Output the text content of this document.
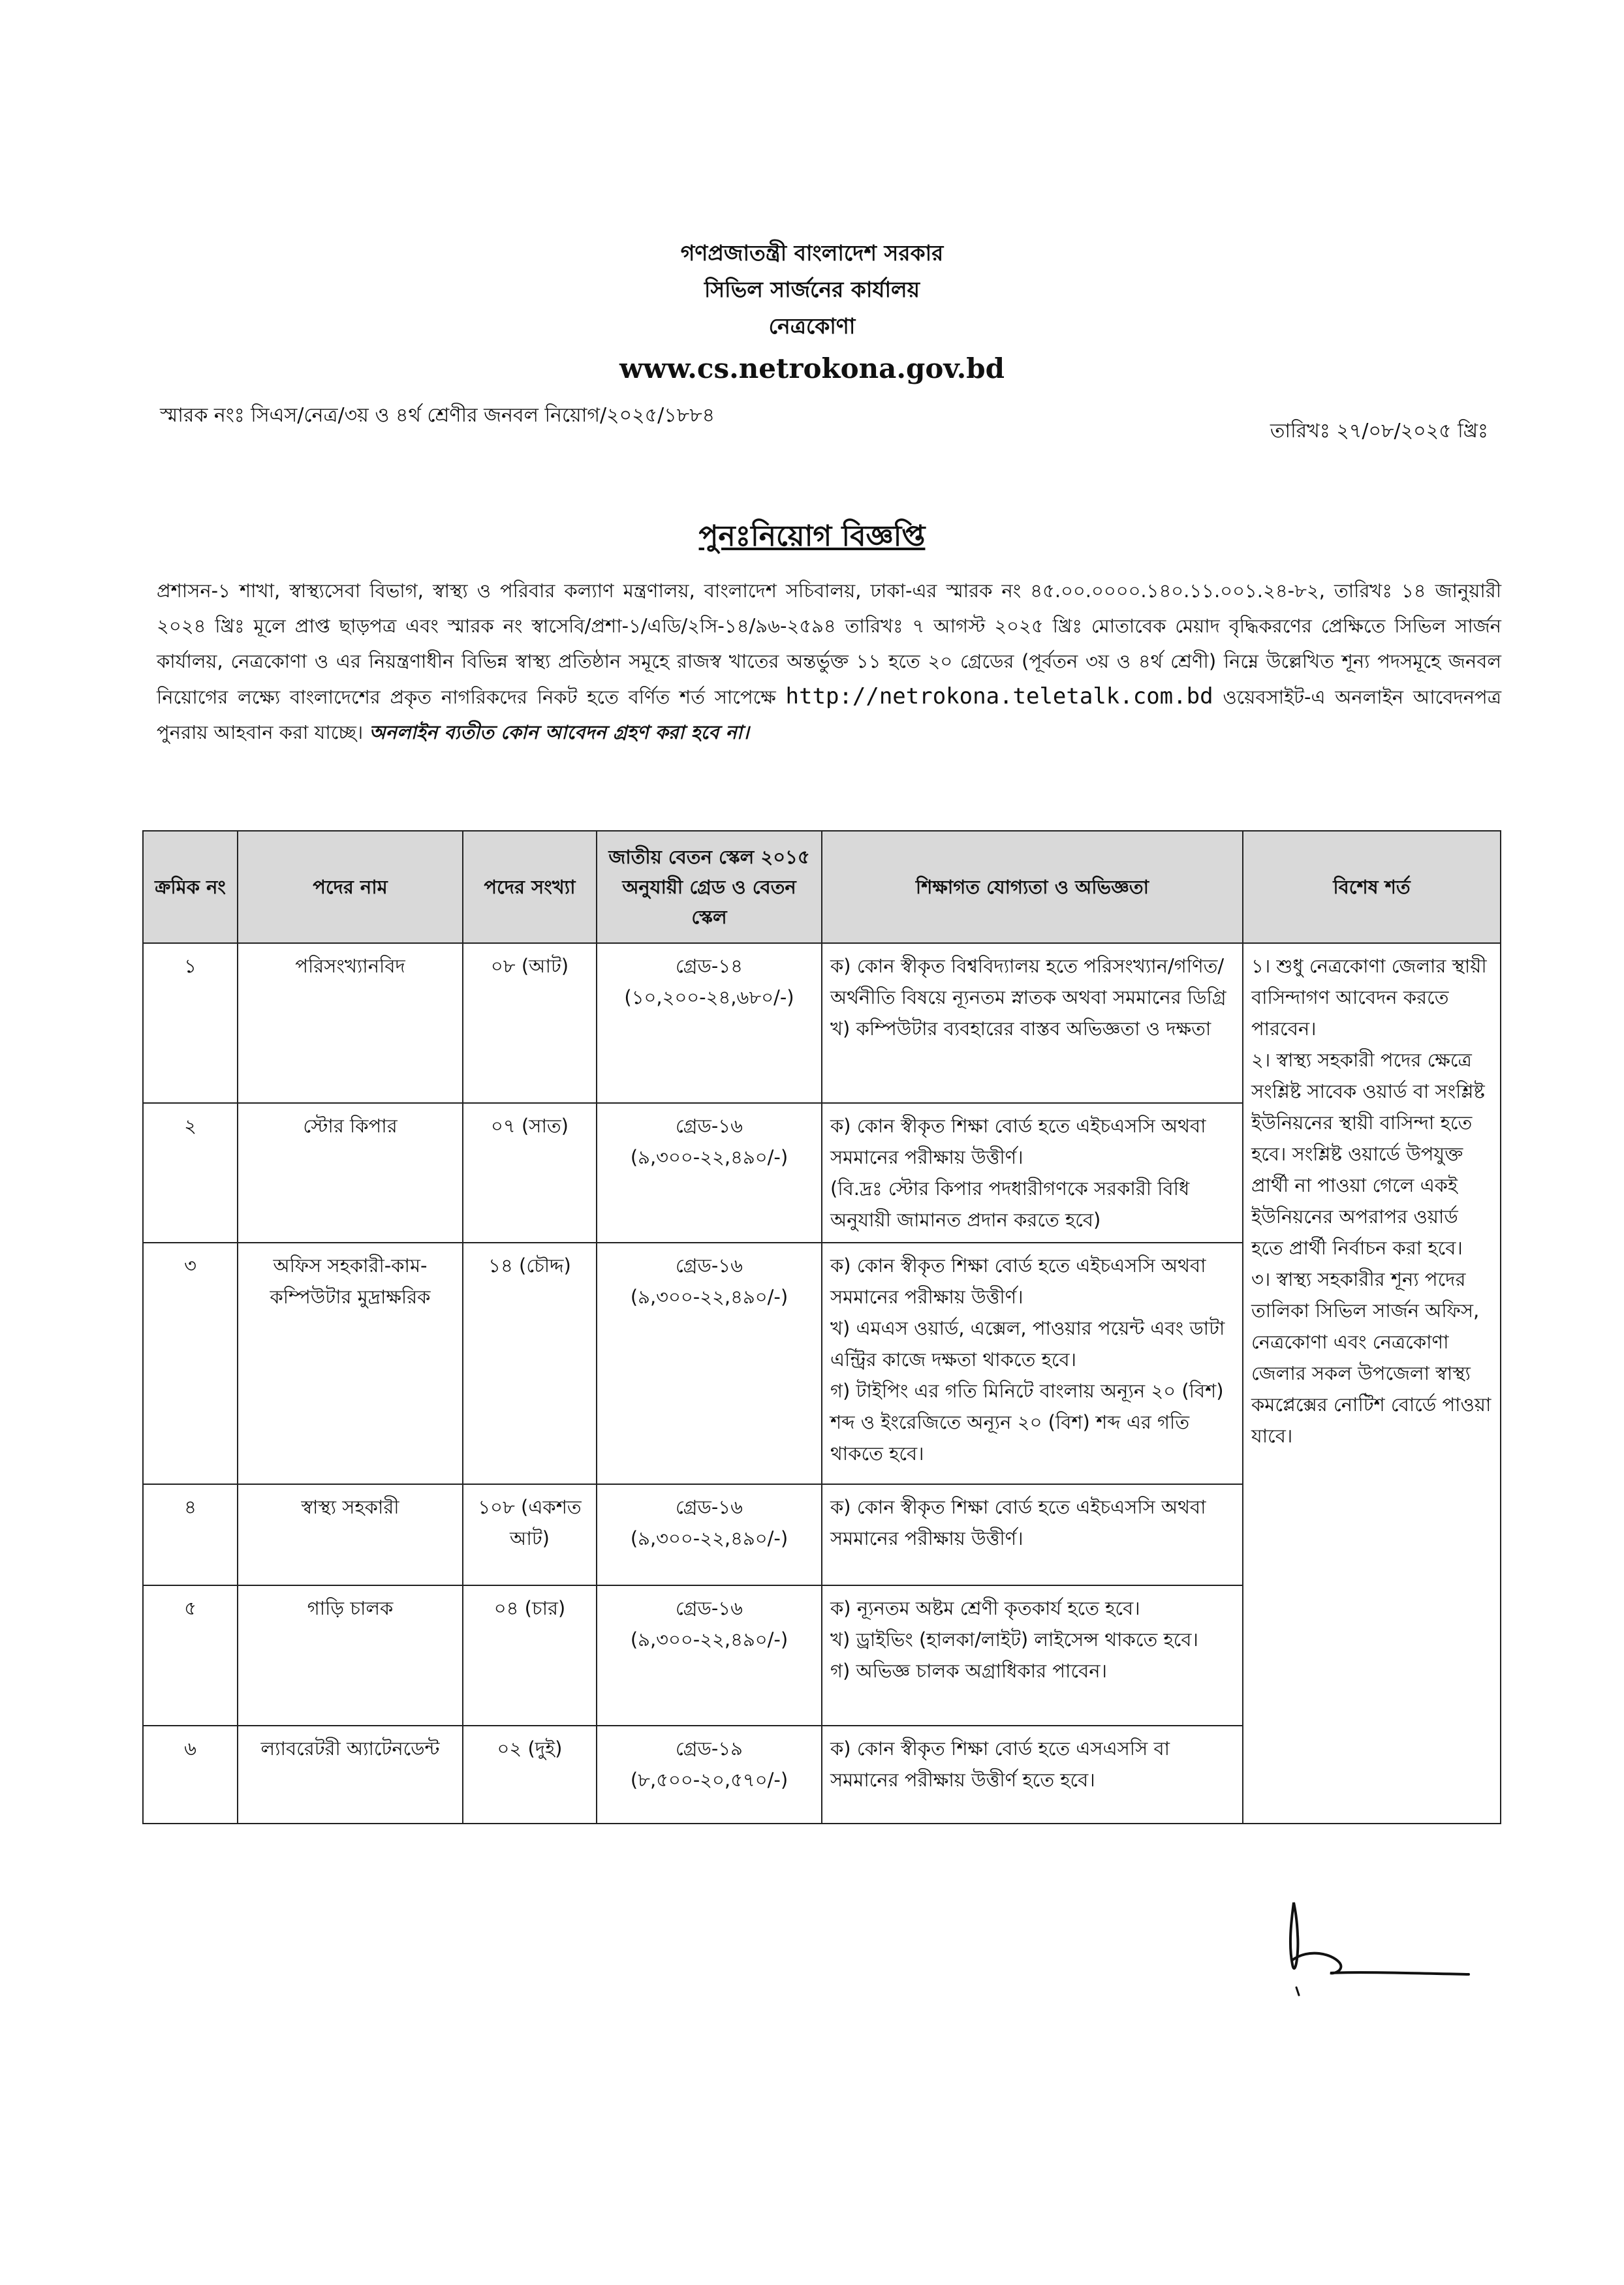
গণপ্রজাতন্ত্রী বাংলাদেশ সরকার
সিভিল সার্জনের কার্যালয়
নেত্রকোণা
www.cs.netrokona.gov.bd
স্মারক নংঃ সিএস/নেত্র/৩য় ও ৪র্থ শ্রেণীর জনবল নিয়োগ/২০২৫/১৮৮৪
তারিখঃ ২৭/০৮/২০২৫ খ্রিঃ
পুনঃনিয়োগ বিজ্ঞপ্তি
প্রশাসন-১ শাখা, স্বাস্থ্যসেবা বিভাগ, স্বাস্থ্য ও পরিবার কল্যাণ মন্ত্রণালয়, বাংলাদেশ সচিবালয়, ঢাকা-এর স্মারক নং ৪৫.০০.০০০০.১৪০.১১.০০১.২৪-৮২, তারিখঃ ১৪ জানুয়ারী ২০২৪ খ্রিঃ মূলে প্রাপ্ত ছাড়পত্র এবং স্মারক নং স্বাসেবি/প্রশা-১/এডি/২সি-১৪/৯৬-২৫৯৪ তারিখঃ ৭ আগস্ট ২০২৫ খ্রিঃ মোতাবেক মেয়াদ বৃদ্ধিকরণের প্রেক্ষিতে সিভিল সার্জন কার্যালয়, নেত্রকোণা ও এর নিয়ন্ত্রণাধীন বিভিন্ন স্বাস্থ্য প্রতিষ্ঠান সমূহে রাজস্ব খাতের অন্তর্ভুক্ত ১১ হতে ২০ গ্রেডের (পূর্বতন ৩য় ও ৪র্থ শ্রেণী) নিম্নে উল্লেখিত শূন্য পদসমূহে জনবল নিয়োগের লক্ষ্যে বাংলাদেশের প্রকৃত নাগরিকদের নিকট হতে বর্ণিত শর্ত সাপেক্ষে http://netrokona.teletalk.com.bd ওয়েবসাইট-এ অনলাইন আবেদনপত্র পুনরায় আহবান করা যাচ্ছে। অনলাইন ব্যতীত কোন আবেদন গ্রহণ করা হবে না।
ক্রমিক নং	পদের নাম	পদের সংখ্যা	জাতীয় বেতন স্কেল ২০১৫ অনুযায়ী গ্রেড ও বেতন স্কেল	শিক্ষাগত যোগ্যতা ও অভিজ্ঞতা	বিশেষ শর্ত
১	পরিসংখ্যানবিদ	০৮ (আট)	গ্রেড-১৪
(১০,২০০-২৪,৬৮০/-)	ক) কোন স্বীকৃত বিশ্ববিদ্যালয় হতে পরিসংখ্যান/গণিত/ অর্থনীতি বিষয়ে ন্যূনতম স্নাতক অথবা সমমানের ডিগ্রি
খ) কম্পিউটার ব্যবহারের বাস্তব অভিজ্ঞতা ও দক্ষতা	১। শুধু নেত্রকোণা জেলার স্থায়ী বাসিন্দাগণ আবেদন করতে পারবেন।
২। স্বাস্থ্য সহকারী পদের ক্ষেত্রে সংশ্লিষ্ট সাবেক ওয়ার্ড বা সংশ্লিষ্ট ইউনিয়নের স্থায়ী বাসিন্দা হতে হবে। সংশ্লিষ্ট ওয়ার্ডে উপযুক্ত প্রার্থী না পাওয়া গেলে একই ইউনিয়নের অপরাপর ওয়ার্ড হতে প্রার্থী নির্বাচন করা হবে।
৩। স্বাস্থ্য সহকারীর শূন্য পদের তালিকা সিভিল সার্জন অফিস, নেত্রকোণা এবং নেত্রকোণা জেলার সকল উপজেলা স্বাস্থ্য কমপ্লেক্সের নোটিশ বোর্ডে পাওয়া যাবে।

২	স্টোর কিপার	০৭ (সাত)	গ্রেড-১৬
(৯,৩০০-২২,৪৯০/-)	ক) কোন স্বীকৃত শিক্ষা বোর্ড হতে এইচএসসি অথবা সমমানের পরীক্ষায় উত্তীর্ণ।
(বি.দ্রঃ স্টোর কিপার পদধারীগণকে সরকারী বিধি অনুযায়ী জামানত প্রদান করতে হবে)	

৩	অফিস সহকারী-কাম-কম্পিউটার মুদ্রাক্ষরিক	১৪ (চৌদ্দ)	গ্রেড-১৬
(৯,৩০০-২২,৪৯০/-)	ক) কোন স্বীকৃত শিক্ষা বোর্ড হতে এইচএসসি অথবা সমমানের পরীক্ষায় উত্তীর্ণ।
খ) এমএস ওয়ার্ড, এক্সেল, পাওয়ার পয়েন্ট এবং ডাটা এন্ট্রির কাজে দক্ষতা থাকতে হবে।
গ) টাইপিং এর গতি মিনিটে বাংলায় অন্যূন ২০ (বিশ) শব্দ ও ইংরেজিতে অন্যূন ২০ (বিশ) শব্দ এর গতি থাকতে হবে।	

৪	স্বাস্থ্য সহকারী	১০৮ (একশত আট)	গ্রেড-১৬
(৯,৩০০-২২,৪৯০/-)	ক) কোন স্বীকৃত শিক্ষা বোর্ড হতে এইচএসসি অথবা সমমানের পরীক্ষায় উত্তীর্ণ।	

৫	গাড়ি চালক	০৪ (চার)	গ্রেড-১৬
(৯,৩০০-২২,৪৯০/-)	ক) ন্যূনতম অষ্টম শ্রেণী কৃতকার্য হতে হবে।
খ) ড্রাইভিং (হালকা/লাইট) লাইসেন্স থাকতে হবে।
গ) অভিজ্ঞ চালক অগ্রাধিকার পাবেন।	

৬	ল্যাবরেটরী অ্যাটেনডেন্ট	০২ (দুই)	গ্রেড-১৯
(৮,৫০০-২০,৫৭০/-)	ক) কোন স্বীকৃত শিক্ষা বোর্ড হতে এসএসসি বা সমমানের পরীক্ষায় উত্তীর্ণ হতে হবে।	
